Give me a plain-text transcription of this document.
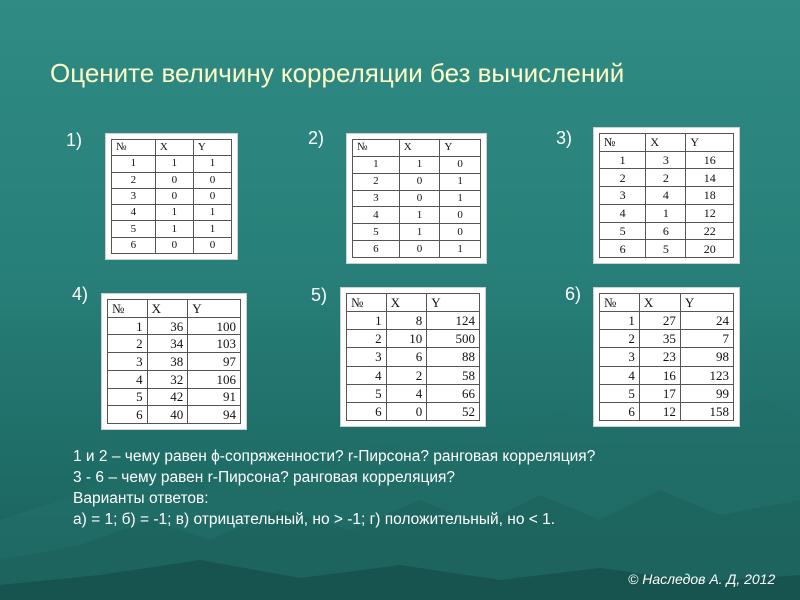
Оцените величину корреляции без вычислений
1)	№	X	Y
1	1	1
2	0	0
3	0	0
4	1	1
5	1	1
6	0	0
2)	№	X	Y
1	1	0
2	0	1
3	0	1
4	1	0
5	1	0
6	0	1
3)	№	X	Y
1	3	16
2	2	14
3	4	18
4	1	12
5	6	22
6	5	20
4)
№	X	Y
1	36	100
2	34	103
3	38	97
4	32	106
5	42	91
6	40	94
5) №	X	Y
1	8	124
2	10	500
3	6	88
4	2	58
5	4	66
6	0	52
6) №	X	Y
1	27	24
2	35	7
3	23	98
4	16	123
5	17	99
6	12	158
1 и 2 – чему равен ϕ-сопряженности? r-Пирсона? ранговая корреляция?
3 - 6 – чему равен r-Пирсона? ранговая корреляция?
Варианты ответов:
а) = 1; б) = -1; в) отрицательный, но > -1; г) положительный, но < 1.
© Наследов А. Д, 2012
